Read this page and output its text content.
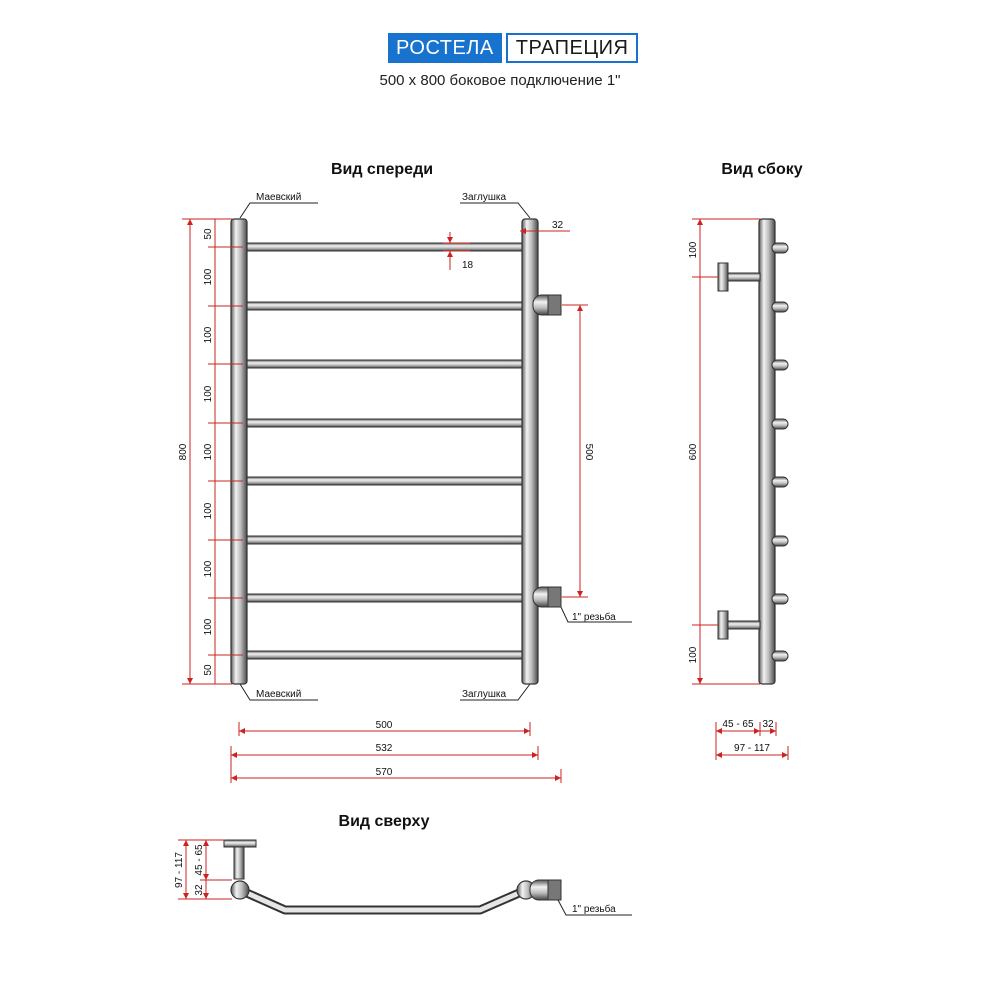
РОСТЕЛА	ТРАПЕЦИЯ
500 х 800 боковое подключение 1"
Вид спереди
Маевский	Заглушка
Маевский	Заглушка
1" резьба
800
50
100
100
100
100
100
100
100
50
32
18
500
500
532
570
Вид сбоку
100
600
100
45 - 65 32
97 - 117
Вид сверху
1" резьба
97 - 117
32
45 - 65
